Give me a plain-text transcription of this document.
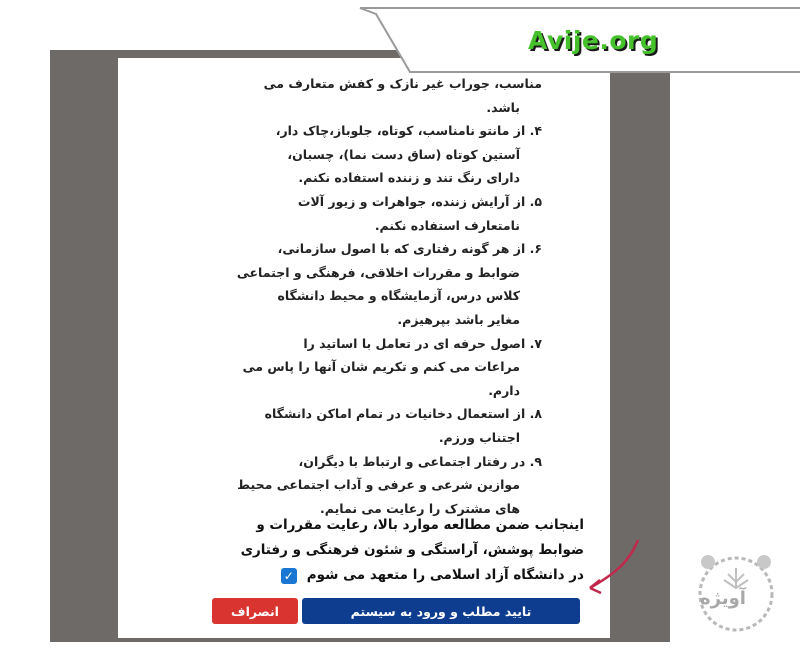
مناسب، جوراب غیر نازک و کفش متعارف می
باشد.
۴. از مانتو نامناسب، کوتاه، جلوباز،چاک دار،
آستین کوتاه (ساق دست نما)، چسبان،
دارای رنگ تند و زننده استفاده نکنم.
۵. از آرایش زننده، جواهرات و زیور آلات
نامتعارف استفاده نکنم.
۶. از هر گونه رفتاری که با اصول سازمانی،
ضوابط و مقررات اخلاقی، فرهنگی و اجتماعی
کلاس درس، آزمایشگاه و محیط دانشگاه
مغایر باشد بپرهیزم.
۷. اصول حرفه ای در تعامل با اساتید را
مراعات می کنم و تکریم شان آنها را پاس می
دارم.
۸. از استعمال دخانیات در تمام اماکن دانشگاه
اجتناب ورزم.
۹. در رفتار اجتماعی و ارتباط با دیگران،
موازین شرعی و عرفی و آداب اجتماعی محیط
های مشترک را رعایت می نمایم.
اینجانب ضمن مطالعه موارد بالا، رعایت مقررات و
ضوابط پوشش، آراستگی و شئون فرهنگی و رفتاری
در دانشگاه آزاد اسلامی را متعهد می شوم
✓
تایید مطلب و ورود به سیستم
انصراف
Avije.org
آویژه
